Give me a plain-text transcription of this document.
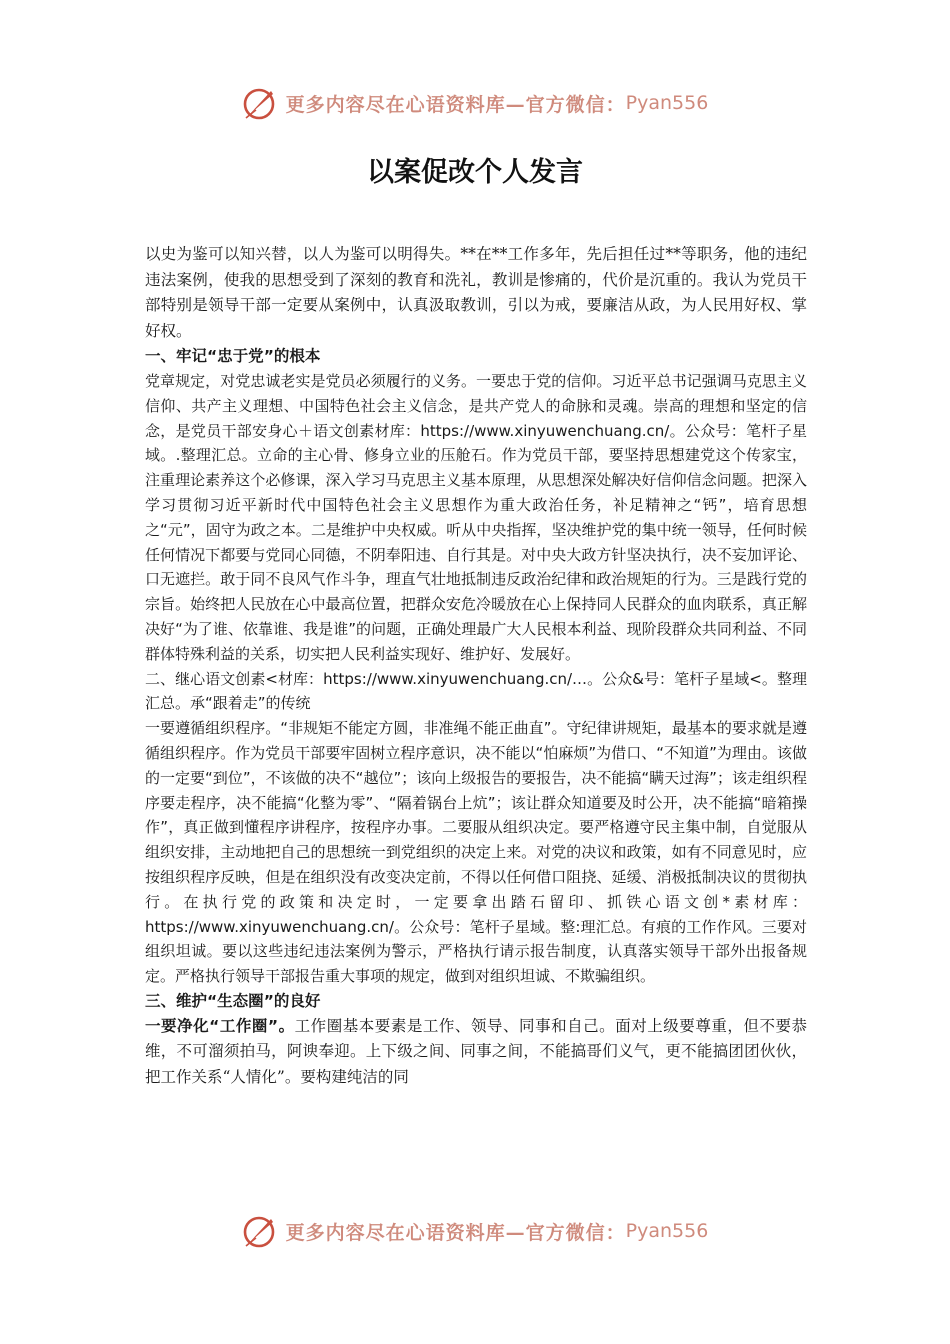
更多内容尽在心语资料库—官方微信： Pyan556
以案促改个人发言

以史为鉴可以知兴替，以人为鉴可以明得失。**在**工作多年，先后担任过**等职务，他的违纪违法案例，使我的思想受到了深刻的教育和洗礼，教训是惨痛的，代价是沉重的。我认为党员干部特别是领导干部一定要从案例中，认真汲取教训，引以为戒，要廉洁从政，为人民用好权、掌好权。

一、牢记“忠于党”的根本

党章规定，对党忠诚老实是党员必须履行的义务。一要忠于党的信仰。习近平总书记强调马克思主义信仰、共产主义理想、中国特色社会主义信念，是共产党人的命脉和灵魂。崇高的理想和坚定的信念，是党员干部安身心＋语文创素材库：https://www.xinyuwenchuang.cn/。公众号：笔杆子星域。.整理汇总。立命的主心骨、修身立业的压舱石。作为党员干部，要坚持思想建党这个传家宝，注重理论素养这个必修课，深入学习马克思主义基本原理，从思想深处解决好信仰信念问题。把深入学习贯彻习近平新时代中国特色社会主义思想作为重大政治任务，补足精神之“钙”，培育思想之“元”，固守为政之本。二是维护中央权威。听从中央指挥，坚决维护党的集中统一领导，任何时候任何情况下都要与党同心同德，不阴奉阳违、自行其是。对中央大政方针坚决执行，决不妄加评论、口无遮拦。敢于同不良风气作斗争，理直气壮地抵制违反政治纪律和政治规矩的行为。三是践行党的宗旨。始终把人民放在心中最高位置，把群众安危冷暖放在心上保持同人民群众的血肉联系，真正解决好“为了谁、依靠谁、我是谁”的问题，正确处理最广大人民根本利益、现阶段群众共同利益、不同群体特殊利益的关系，切实把人民利益实现好、维护好、发展好。

二、继心语文创素<材库：https://www.xinyuwenchuang.cn/…。公众&号：笔杆子星域<。整理汇总。承“跟着走”的传统

一要遵循组织程序。“非规矩不能定方圆，非准绳不能正曲直”。守纪律讲规矩，最基本的要求就是遵循组织程序。作为党员干部要牢固树立程序意识，决不能以“怕麻烦”为借口、“不知道”为理由。该做的一定要“到位”，不该做的决不“越位”；该向上级报告的要报告，决不能搞“瞒天过海”；该走组织程序要走程序，决不能搞“化整为零”、“隔着锅台上炕”；该让群众知道要及时公开，决不能搞“暗箱操作”，真正做到懂程序讲程序，按程序办事。二要服从组织决定。要严格遵守民主集中制，自觉服从组织安排，主动地把自己的思想统一到党组织的决定上来。对党的决议和政策，如有不同意见时，应按组织程序反映，但是在组织没有改变决定前，不得以任何借口阻挠、延缓、消极抵制决议的贯彻执行。在执行党的政策和决定时，一定要拿出踏石留印、抓铁心语文创*素材库：https://www.xinyuwenchuang.cn/。公众号：笔杆子星域。整:理汇总。有痕的工作作风。三要对组织坦诚。要以这些违纪违法案例为警示，严格执行请示报告制度，认真落实领导干部外出报备规定。严格执行领导干部报告重大事项的规定，做到对组织坦诚、不欺骗组织。

三、维护“生态圈”的良好

一要净化“工作圈”。工作圈基本要素是工作、领导、同事和自己。面对上级要尊重，但不要恭维，不可溜须拍马，阿谀奉迎。上下级之间、同事之间，不能搞哥们义气，更不能搞团团伙伙，把工作关系“人情化”。要构建纯洁的同

更多内容尽在心语资料库—官方微信： Pyan556
